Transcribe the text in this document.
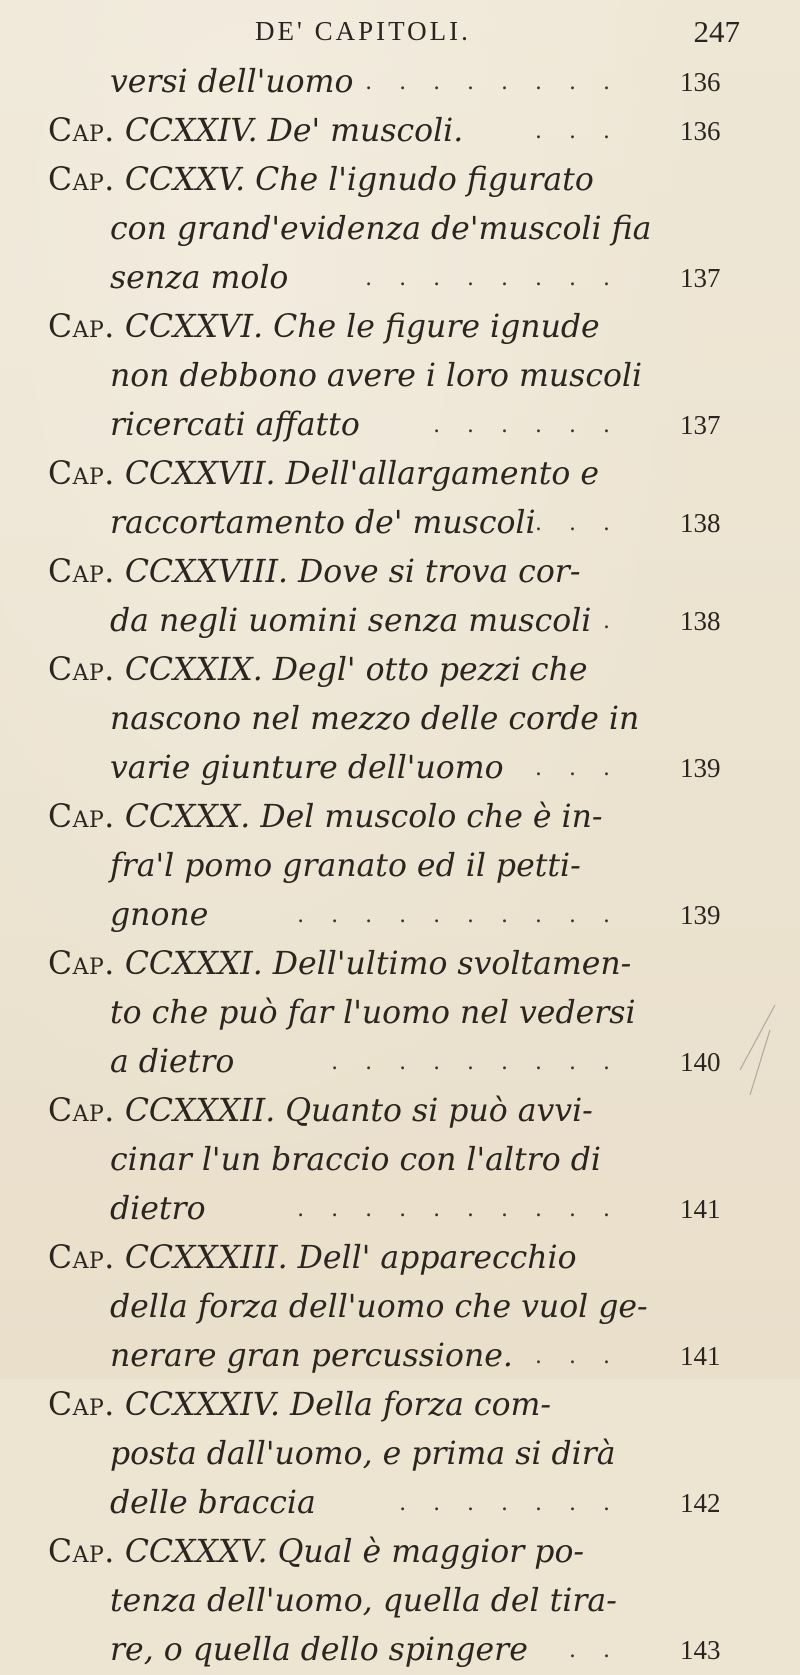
DE' CAPITOLI.	247
versi dell'uomo . . . . . . . . 136
Cap. CCXXIV. De' muscoli.	. . . 136
Cap. CCXXV. Che l'ignudo figurato
con grand'evidenza de'muscoli fia
senza molo	. . . . . . . . 137
Cap. CCXXVI. Che le figure ignude
non debbono avere i loro muscoli
ricercati affatto	. . . . . . 137
Cap. CCXXVII. Dell'allargamento e
raccortamento de' muscoli . . . 138
Cap. CCXXVIII. Dove si trova cor-
da negli uomini senza muscoli . 138
Cap. CCXXIX. Degl' otto pezzi che
nascono nel mezzo delle corde in
varie giunture dell'uomo . . . 139
Cap. CCXXX. Del muscolo che è in-
fra'l pomo granato ed il petti-
gnone	. . . . . . . . . . 139
Cap. CCXXXI. Dell'ultimo svoltamen-
to che può far l'uomo nel vedersi
a dietro	. . . . . . . . . 140
Cap. CCXXXII. Quanto si può avvi-
cinar l'un braccio con l'altro di
dietro	. . . . . . . . . . 141
Cap. CCXXXIII. Dell' apparecchio
della forza dell'uomo che vuol ge-
nerare gran percussione. . . . 141
Cap. CCXXXIV. Della forza com-
posta dall'uomo, e prima si dirà
delle braccia	. . . . . . . 142
Cap. CCXXXV. Qual è maggior po-
tenza dell'uomo, quella del tira-
re, o quella dello spingere . . 143
